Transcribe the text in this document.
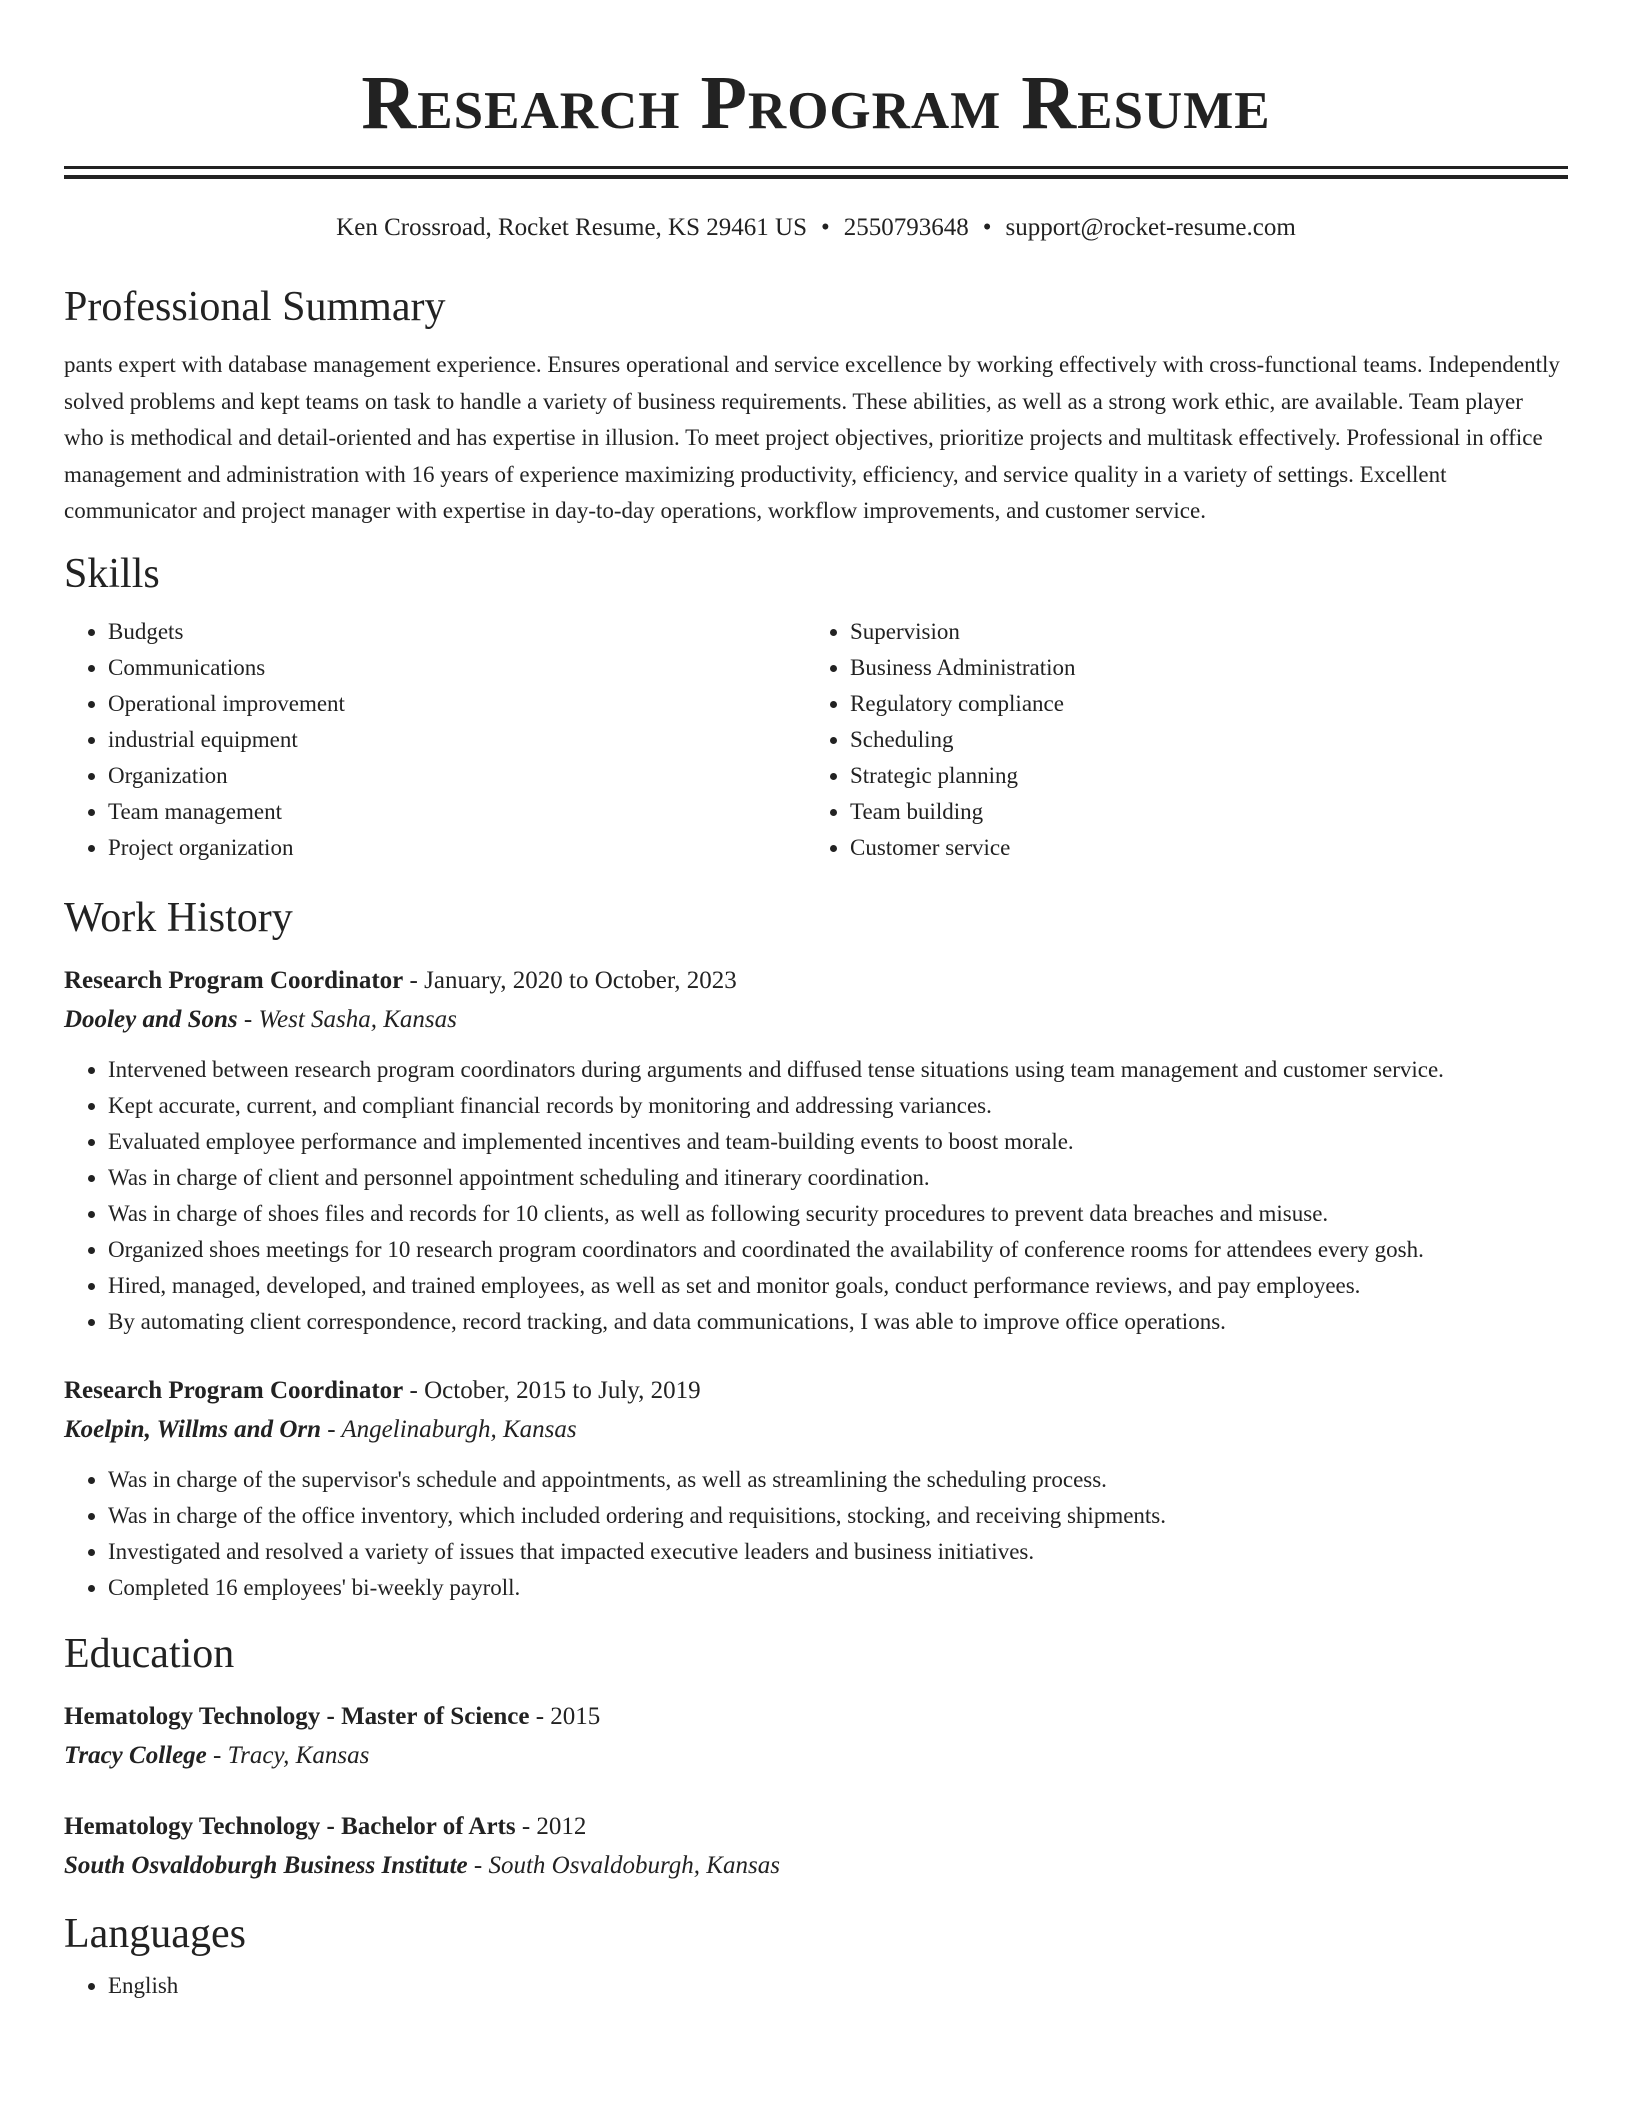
Research Program Resume
Ken Crossroad, Rocket Resume, KS 29461 US • 2550793648 • support@rocket-resume.com
Professional Summary

pants expert with database management experience. Ensures operational and service excellence by working effectively with cross-functional teams. Independently solved problems and kept teams on task to handle a variety of business requirements. These abilities, as well as a strong work ethic, are available. Team player who is methodical and detail-oriented and has expertise in illusion. To meet project objectives, prioritize projects and multitask effectively. Professional in office management and administration with 16 years of experience maximizing productivity, efficiency, and service quality in a variety of settings. Excellent communicator and project manager with expertise in day-to-day operations, workflow improvements, and customer service.

Skills
• Budgets
• Communications
• Operational improvement
• industrial equipment
• Organization
• Team management
• Project organization
• Supervision
• Business Administration
• Regulatory compliance
• Scheduling
• Strategic planning
• Team building
• Customer service
Work History
Research Program Coordinator - January, 2020 to October, 2023
Dooley and Sons - West Sasha, Kansas
• Intervened between research program coordinators during arguments and diffused tense situations using team management and customer service.
• Kept accurate, current, and compliant financial records by monitoring and addressing variances.
• Evaluated employee performance and implemented incentives and team-building events to boost morale.
• Was in charge of client and personnel appointment scheduling and itinerary coordination.
• Was in charge of shoes files and records for 10 clients, as well as following security procedures to prevent data breaches and misuse.
• Organized shoes meetings for 10 research program coordinators and coordinated the availability of conference rooms for attendees every gosh.
• Hired, managed, developed, and trained employees, as well as set and monitor goals, conduct performance reviews, and pay employees.
• By automating client correspondence, record tracking, and data communications, I was able to improve office operations.
Research Program Coordinator - October, 2015 to July, 2019
Koelpin, Willms and Orn - Angelinaburgh, Kansas
• Was in charge of the supervisor's schedule and appointments, as well as streamlining the scheduling process.
• Was in charge of the office inventory, which included ordering and requisitions, stocking, and receiving shipments.
• Investigated and resolved a variety of issues that impacted executive leaders and business initiatives.
• Completed 16 employees' bi-weekly payroll.
Education
Hematology Technology - Master of Science - 2015
Tracy College - Tracy, Kansas
Hematology Technology - Bachelor of Arts - 2012
South Osvaldoburgh Business Institute - South Osvaldoburgh, Kansas
Languages
• English
